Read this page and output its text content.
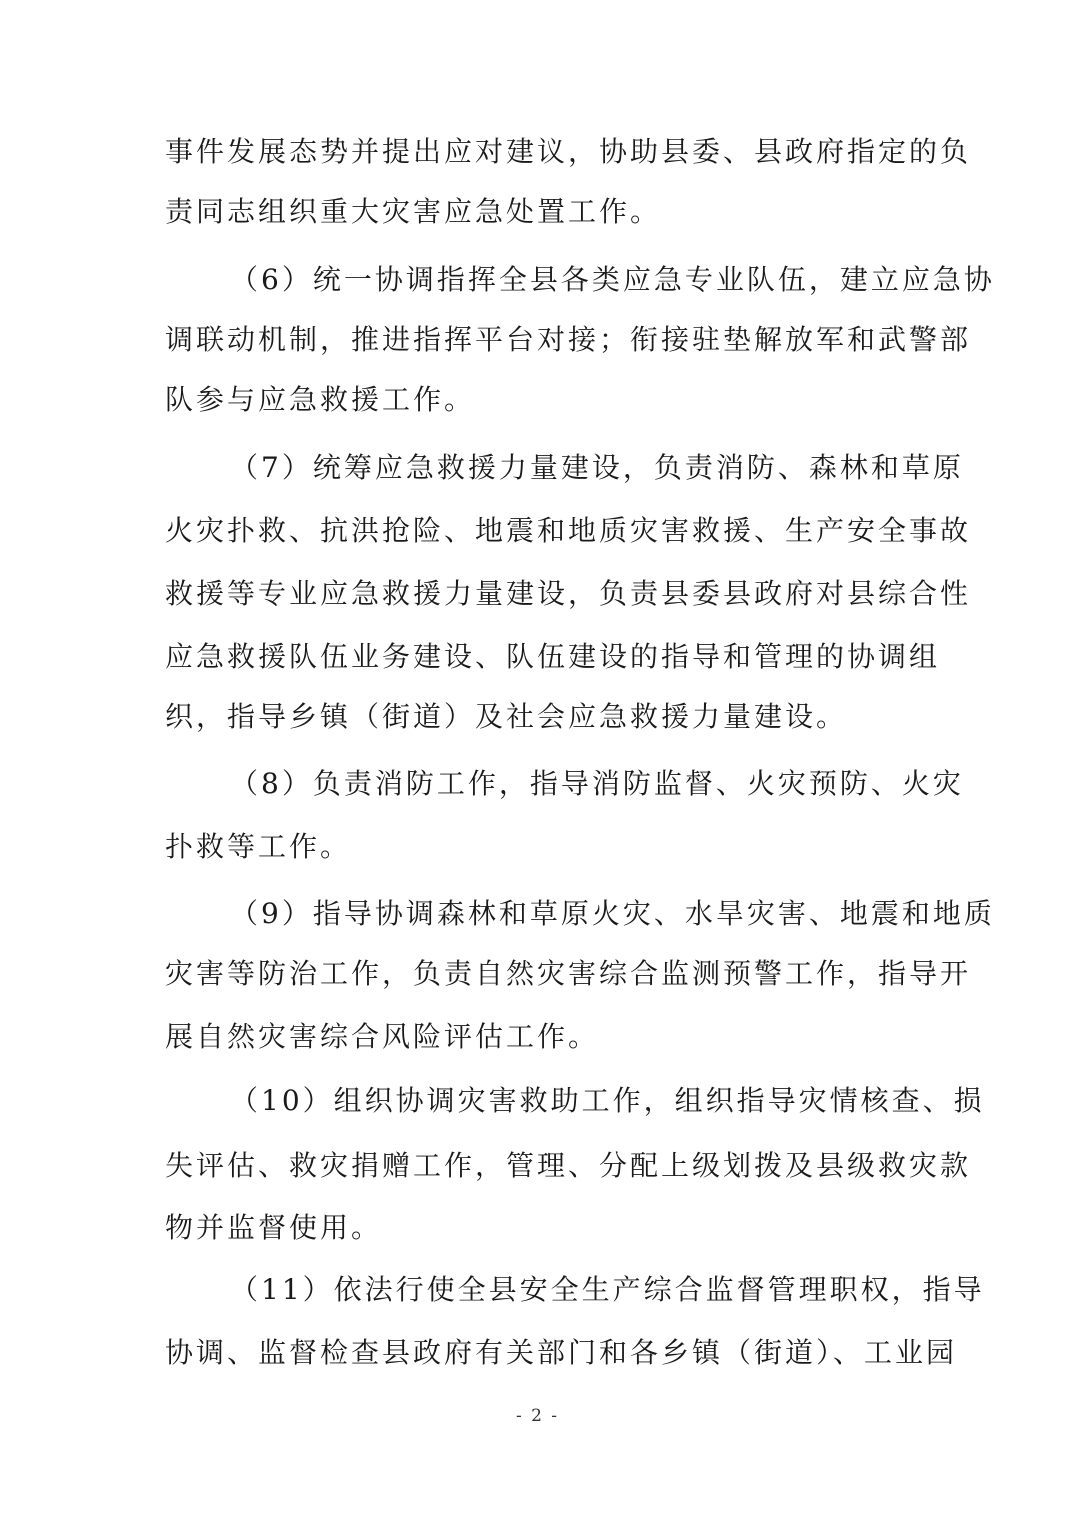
事件发展态势并提出应对建议，协助县委、县政府指定的负
责同志组织重大灾害应急处置工作。
（6）统一协调指挥全县各类应急专业队伍，建立应急协
调联动机制，推进指挥平台对接；衔接驻垫解放军和武警部
队参与应急救援工作。
（7）统筹应急救援力量建设，负责消防、森林和草原
火灾扑救、抗洪抢险、地震和地质灾害救援、生产安全事故
救援等专业应急救援力量建设，负责县委县政府对县综合性
应急救援队伍业务建设、队伍建设的指导和管理的协调组
织，指导乡镇（街道）及社会应急救援力量建设。
（8）负责消防工作，指导消防监督、火灾预防、火灾
扑救等工作。
（9）指导协调森林和草原火灾、水旱灾害、地震和地质
灾害等防治工作，负责自然灾害综合监测预警工作，指导开
展自然灾害综合风险评估工作。
（10）组织协调灾害救助工作，组织指导灾情核查、损
失评估、救灾捐赠工作，管理、分配上级划拨及县级救灾款
物并监督使用。
（11）依法行使全县安全生产综合监督管理职权，指导
协调、监督检查县政府有关部门和各乡镇（街道）、工业园
- 2 -
